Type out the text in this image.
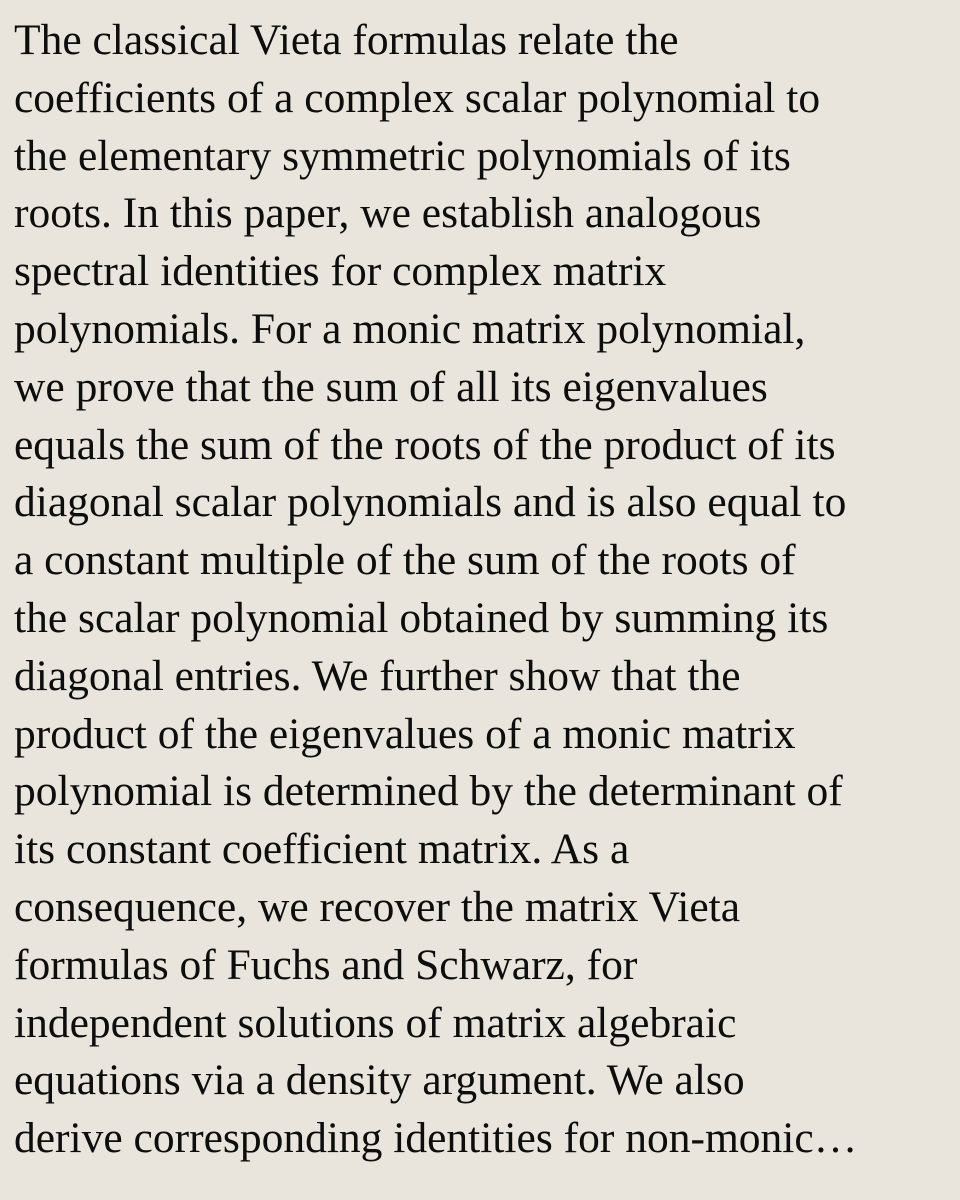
The classical Vieta formulas relate the
coefficients of a complex scalar polynomial to
the elementary symmetric polynomials of its
roots. In this paper, we establish analogous
spectral identities for complex matrix
polynomials. For a monic matrix polynomial,
we prove that the sum of all its eigenvalues
equals the sum of the roots of the product of its
diagonal scalar polynomials and is also equal to
a constant multiple of the sum of the roots of
the scalar polynomial obtained by summing its
diagonal entries. We further show that the
product of the eigenvalues of a monic matrix
polynomial is determined by the determinant of
its constant coefficient matrix. As a
consequence, we recover the matrix Vieta
formulas of Fuchs and Schwarz, for
independent solutions of matrix algebraic
equations via a density argument. We also
derive corresponding identities for non-monic…
